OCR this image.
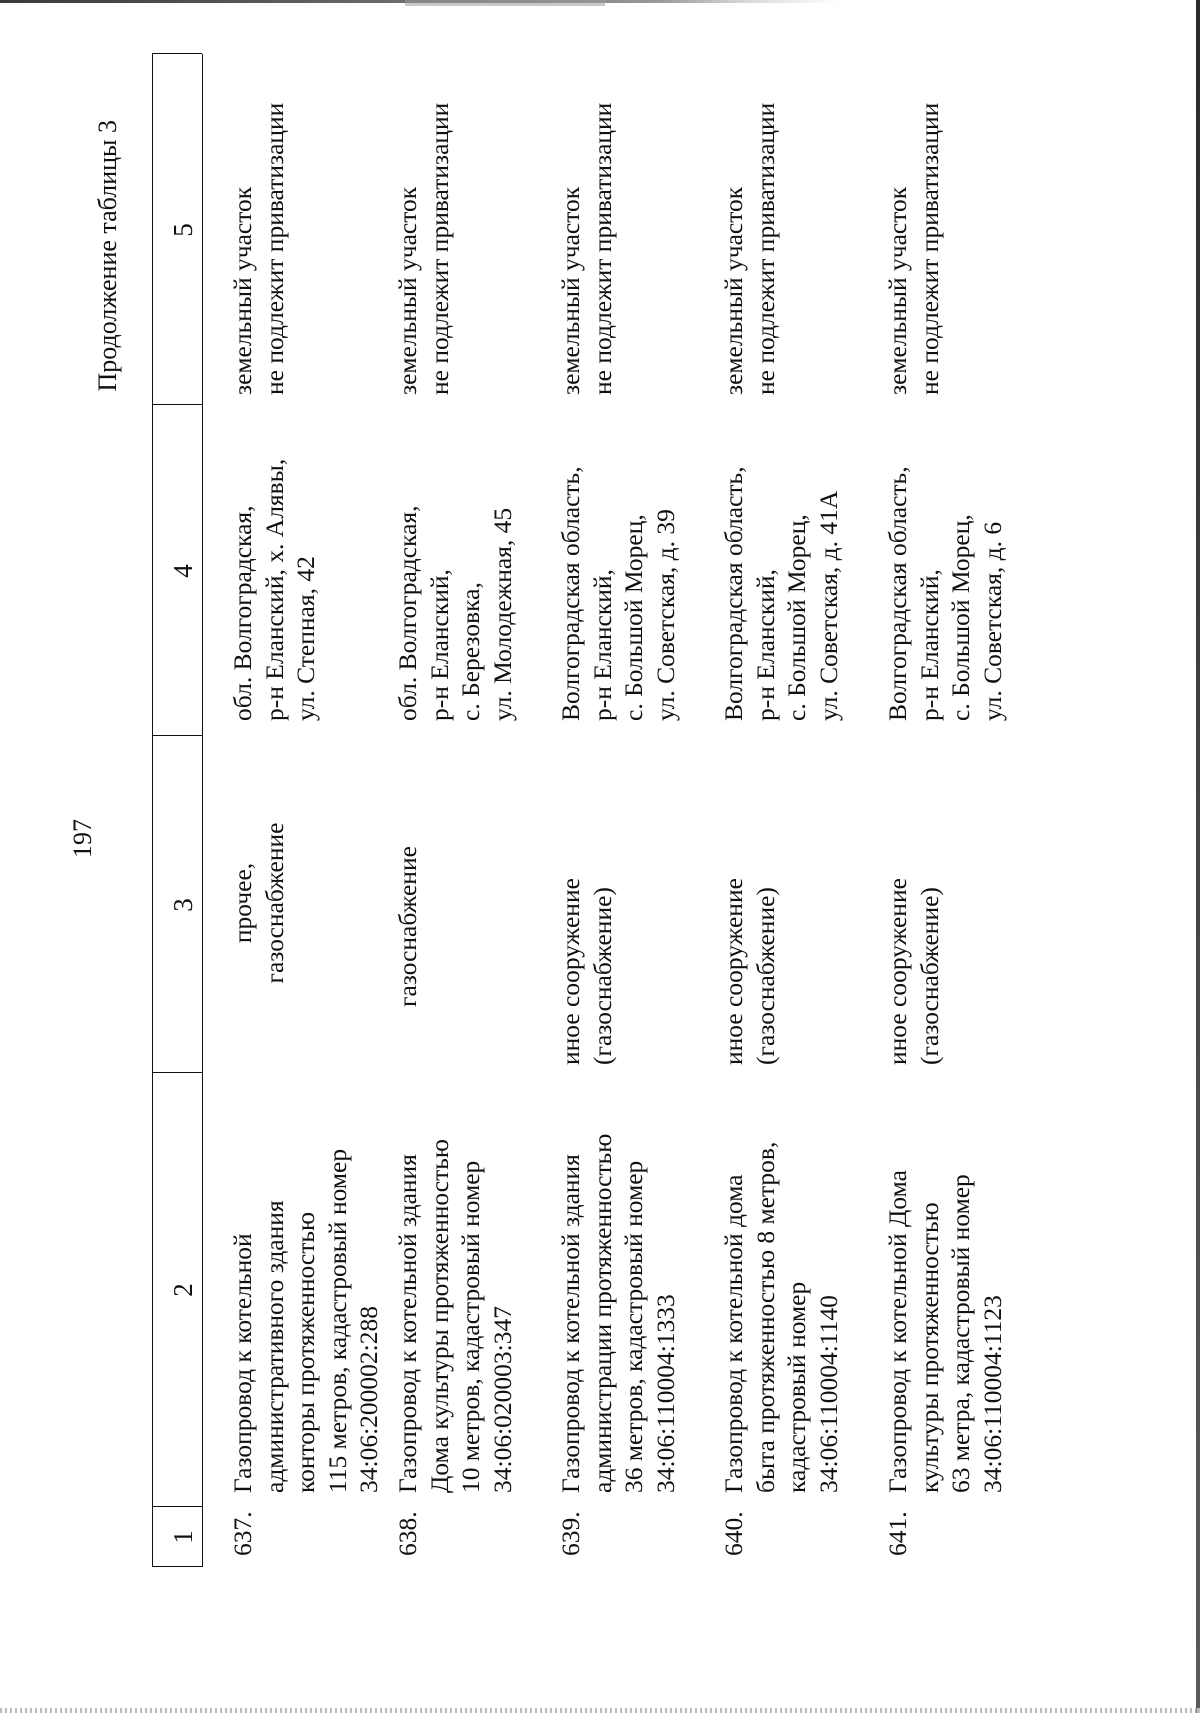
197
Продолжение таблицы 3
1
2
3
4
5
637.
Газопровод к котельной
административного здания
конторы протяженностью
115 метров, кадастровый номер
34:06:200002:288
прочее,
газоснабжение
обл. Волгоградская,
р-н Еланский, х. Алявы,
ул. Степная, 42
земельный участок
не подлежит приватизации
638.
Газопровод к котельной здания
Дома культуры протяженностью
10 метров, кадастровый номер
34:06:020003:347
газоснабжение
обл. Волгоградская,
р-н Еланский,
с. Березовка,
ул. Молодежная, 45
земельный участок
не подлежит приватизации
639.
Газопровод к котельной здания
администрации протяженностью
36 метров, кадастровый номер
34:06:110004:1333
иное сооружение
(газоснабжение)
Волгоградская область,
р-н Еланский,
с. Большой Морец,
ул. Советская, д. 39
земельный участок
не подлежит приватизации
640.
Газопровод к котельной дома
быта протяженностью 8 метров,
кадастровый номер
34:06:110004:1140
иное сооружение
(газоснабжение)
Волгоградская область,
р-н Еланский,
с. Большой Морец,
ул. Советская, д. 41А
земельный участок
не подлежит приватизации
641.
Газопровод к котельной Дома
культуры протяженностью
63 метра, кадастровый номер
34:06:110004:1123
иное сооружение
(газоснабжение)
Волгоградская область,
р-н Еланский,
с. Большой Морец,
ул. Советская, д. 6
земельный участок
не подлежит приватизации
